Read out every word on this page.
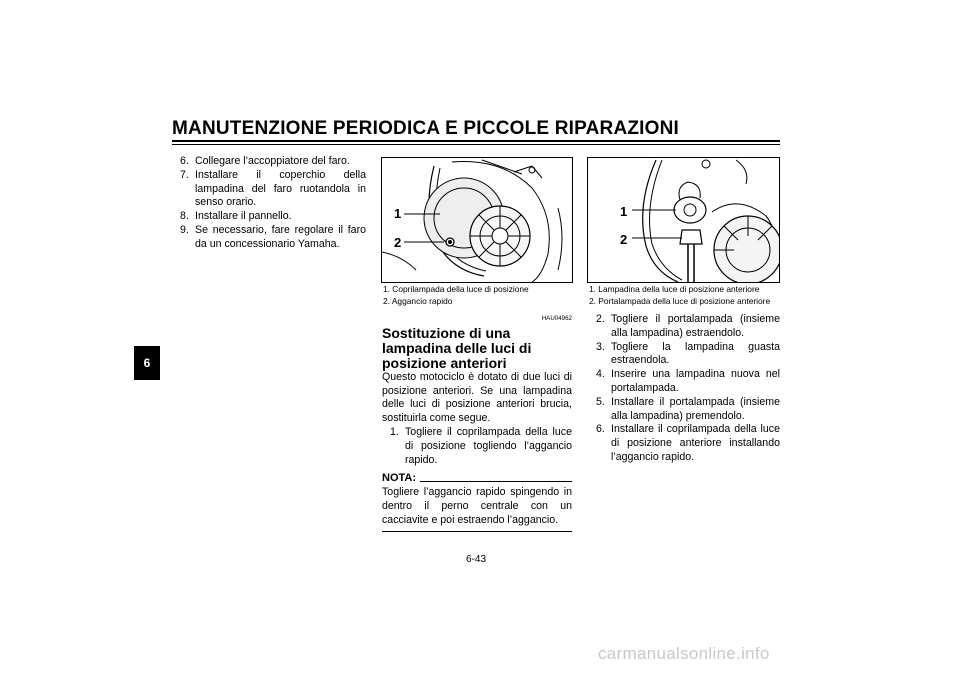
MANUTENZIONE PERIODICA E PICCOLE RIPARAZIONI
6
6. Collegare l’accoppiatore del faro.
7. Installare il coperchio della lampadina del faro ruotandola in senso orario.
8. Installare il pannello.
9. Se necessario, fare regolare il faro da un concessionario Yamaha.
1
2
1. Coprilampada della luce di posizione
2. Aggancio rapido
HAU04962
Sostituzione di una lampadina delle luci di posizione anteriori
Questo motociclo è dotato di due luci di posizione anteriori. Se una lampadina delle luci di posizione anteriori brucia, sostituirla come segue.
1. Togliere il coprilampada della luce di posizione togliendo l’aggancio rapido.
NOTA:
Togliere l’aggancio rapido spingendo in dentro il perno centrale con un cacciavite e poi estraendo l’aggancio.
1
2
1. Lampadina della luce di posizione anteriore
2. Portalampada della luce di posizione anteriore
2. Togliere il portalampada (insieme alla lampadina) estraendolo.
3. Togliere la lampadina guasta estraendola.
4. Inserire una lampadina nuova nel portalampada.
5. Installare il portalampada (insieme alla lampadina) premendolo.
6. Installare il coprilampada della luce di posizione anteriore installando l’aggancio rapido.
6-43
carmanualsonline.info
